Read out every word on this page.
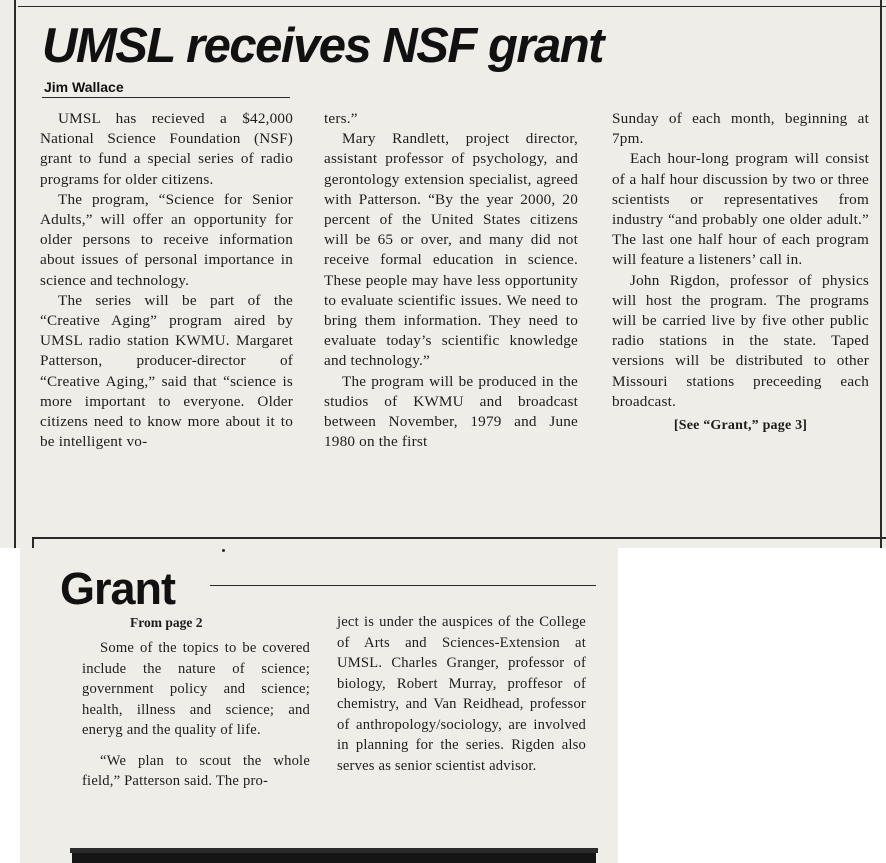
UMSL receives NSF grant
Jim Wallace

UMSL has recieved a $42,000 National Science Foundation (NSF) grant to fund a special series of radio programs for older citizens.

The program, “Science for Senior Adults,” will offer an opportunity for older persons to receive information about issues of personal importance in science and technology.

The series will be part of the “Creative Aging” program aired by UMSL radio station KWMU. Margaret Patterson, producer-director of “Creative Aging,” said that “science is more important to everyone. Older citizens need to know more about it to be intelligent vo-

ters.”

Mary Randlett, project director, assistant professor of psychology, and gerontology extension specialist, agreed with Patterson. “By the year 2000, 20 percent of the United States citizens will be 65 or over, and many did not receive formal education in science. These people may have less opportunity to evaluate scientific issues. We need to bring them information. They need to evaluate today’s scientific knowledge and technology.”

The program will be produced in the studios of KWMU and broadcast between November, 1979 and June 1980 on the first

Sunday of each month, beginning at 7pm.

Each hour-long program will consist of a half hour discussion by two or three scientists or representatives from industry “and probably one older adult.” The last one half hour of each program will feature a listeners’ call in.

John Rigdon, professor of physics will host the program. The programs will be carried live by five other public radio stations in the state. Taped versions will be distributed to other Missouri stations preceeding each broadcast.

[See “Grant,” page 3]

Grant
From page 2

Some of the topics to be covered include the nature of science; government policy and science; health, illness and science; and eneryg and the quality of life.

“We plan to scout the whole field,” Patterson said. The pro-

ject is under the auspices of the College of Arts and Sciences-Extension at UMSL. Charles Granger, professor of biology, Robert Murray, proffesor of chemistry, and Van Reidhead, professor of anthropology/sociology, are involved in planning for the series. Rigden also serves as senior scientist advisor.
